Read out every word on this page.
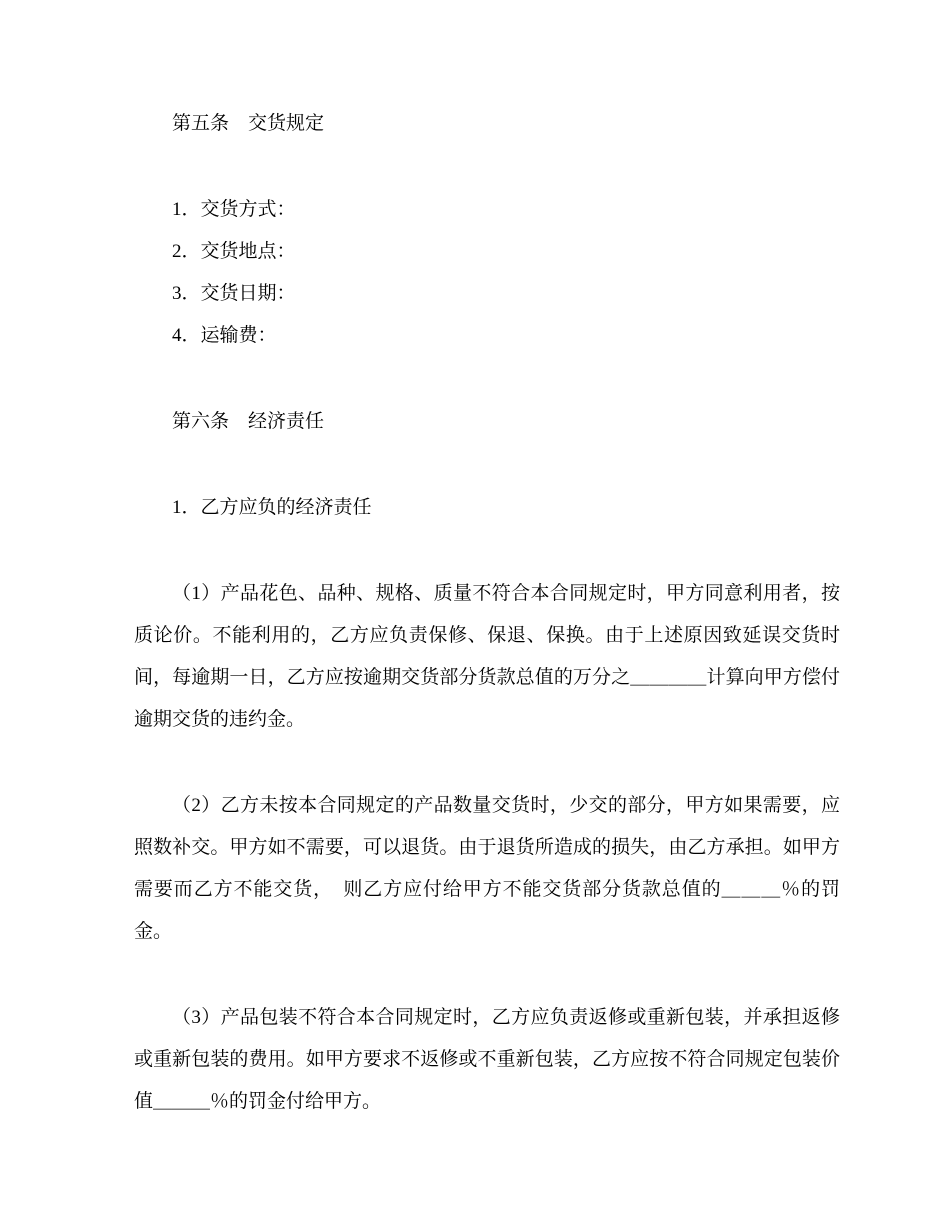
第五条　交货规定

1．交货方式：

2．交货地点：

3．交货日期：

4．运输费：

第六条　经济责任

1．乙方应负的经济责任

（1）产品花色、品种、规格、质量不符合本合同规定时，甲方同意利用者，按质论价。不能利用的，乙方应负责保修、保退、保换。由于上述原因致延误交货时间，每逾期一日，乙方应按逾期交货部分货款总值的万分之＿＿＿＿计算向甲方偿付逾期交货的违约金。

（2）乙方未按本合同规定的产品数量交货时，少交的部分，甲方如果需要，应照数补交。甲方如不需要，可以退货。由于退货所造成的损失，由乙方承担。如甲方需要而乙方不能交货，　则乙方应付给甲方不能交货部分货款总值的＿＿＿％的罚金。

（3）产品包装不符合本合同规定时，乙方应负责返修或重新包装，并承担返修或重新包装的费用。如甲方要求不返修或不重新包装，乙方应按不符合同规定包装价值＿＿＿％的罚金付给甲方。
